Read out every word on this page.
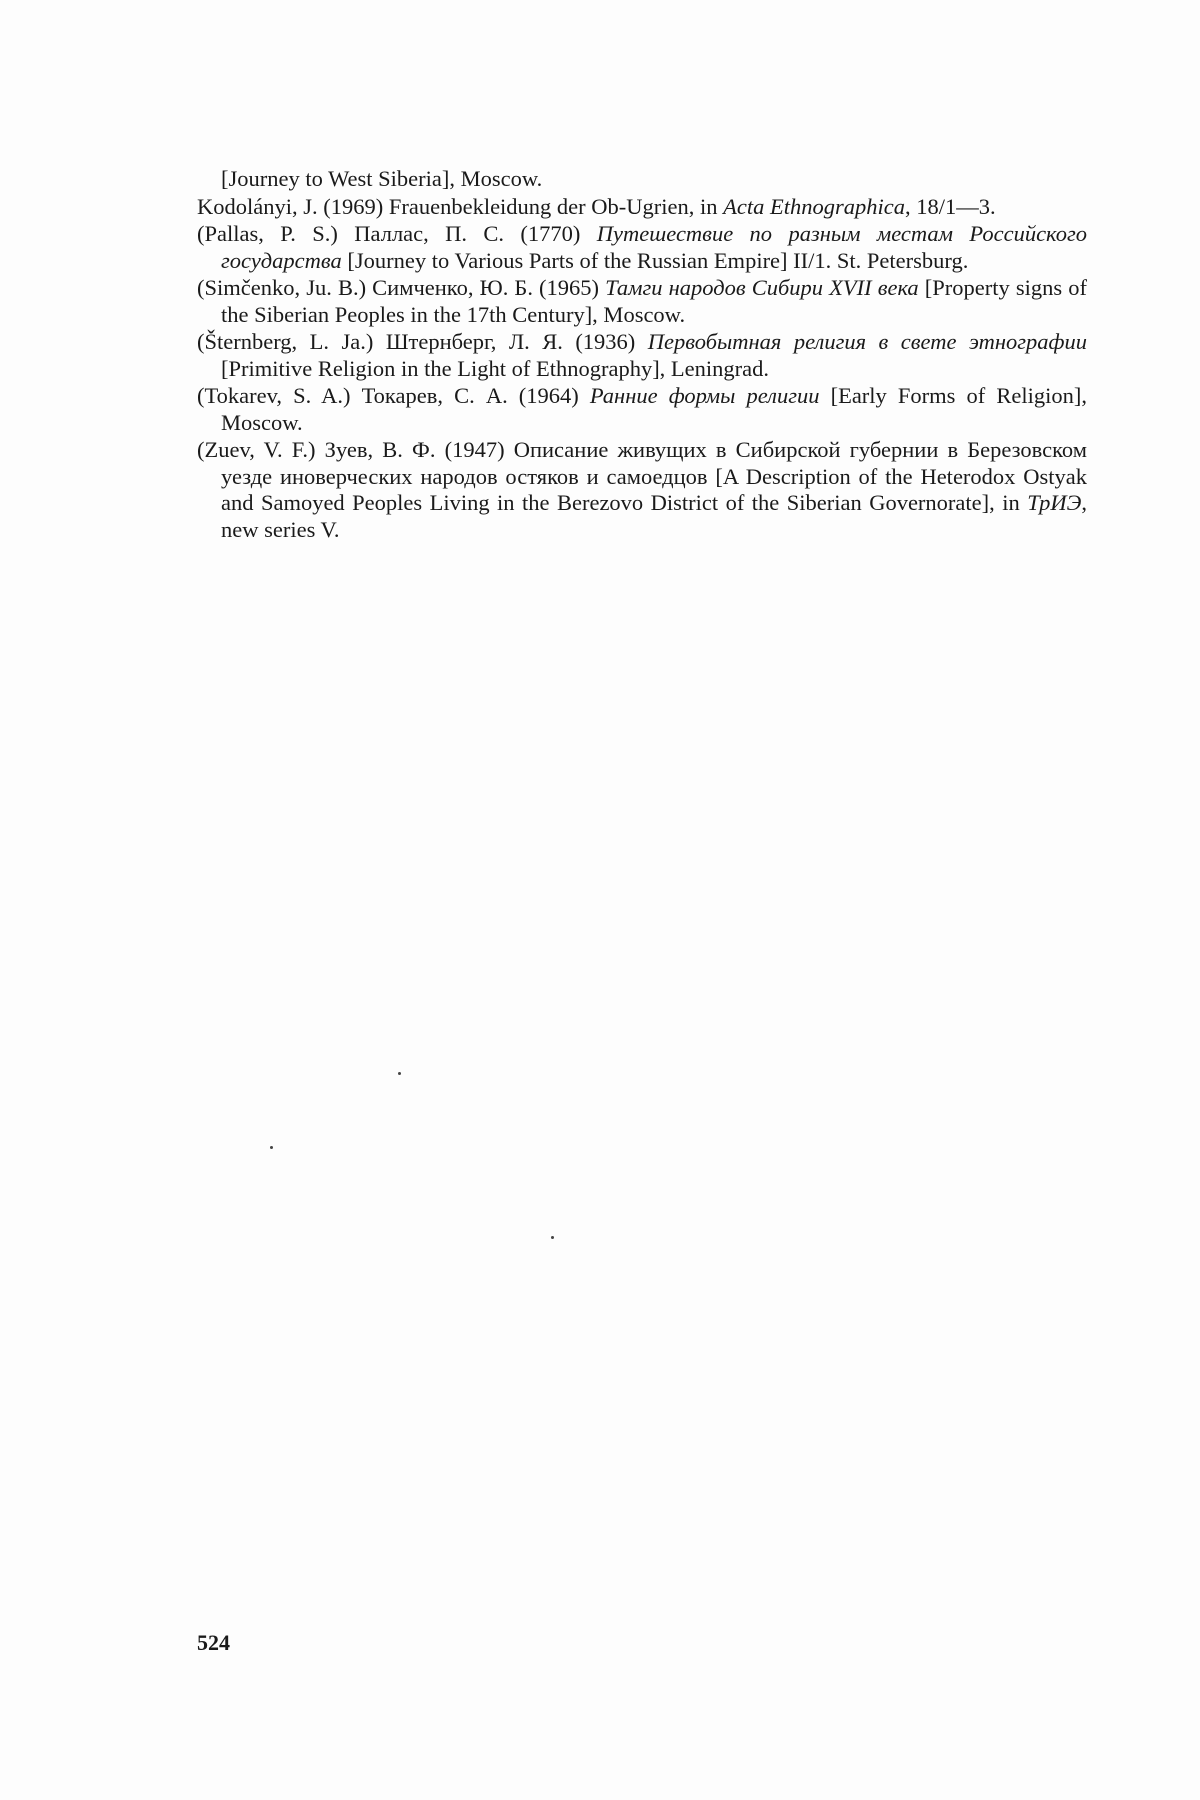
[Journey to West Siberia], Moscow.

Kodolányi, J. (1969) Frauenbekleidung der Ob-Ugrien, in Acta Ethnographica, 18/1—3.

(Pallas, P. S.) Паллас, П. С. (1770) Путешествие по разным местам Российского государства [Journey to Various Parts of the Russian Empire] II/1. St. Petersburg.

(Simčenko, Ju. B.) Симченко, Ю. Б. (1965) Тамги народов Сибири XVII века [Property signs of the Siberian Peoples in the 17th Century], Moscow.

(Šternberg, L. Ja.) Штернберг, Л. Я. (1936) Первобытная религия в свете этнографии [Primitive Religion in the Light of Ethnography], Leningrad.

(Tokarev, S. A.) Токарев, С. А. (1964) Ранние формы религии [Early Forms of Religion], Moscow.

(Zuev, V. F.) Зуев, В. Ф. (1947) Описание живущих в Сибирской губернии в Березовском уезде иноверческих народов остяков и самоедцов [A Description of the Heterodox Ostyak and Samoyed Peoples Living in the Berezovo District of the Siberian Governorate], in ТрИЭ, new series V.

524
